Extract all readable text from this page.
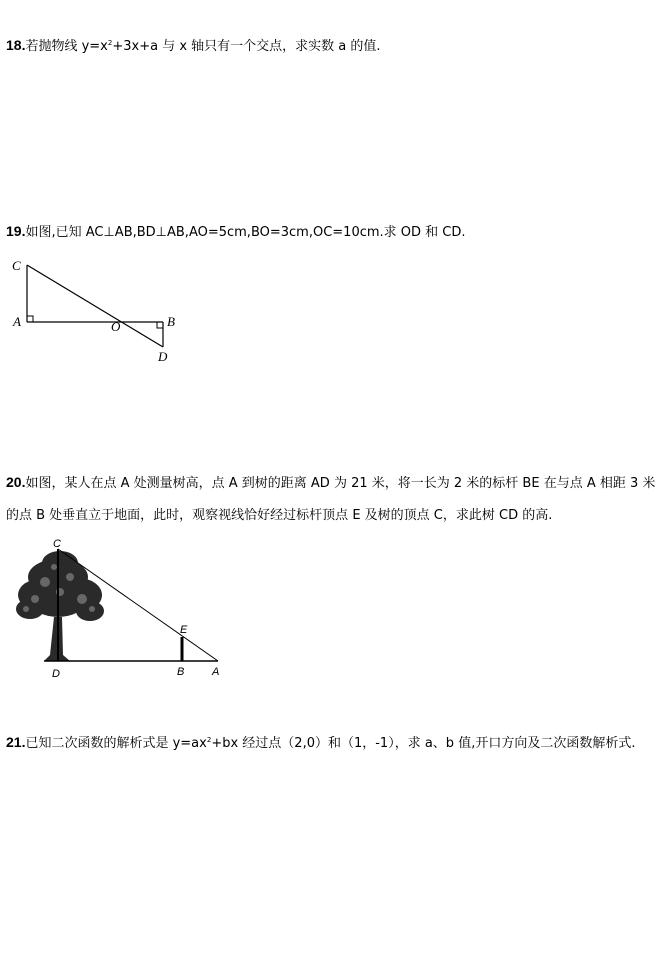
18.若抛物线 $y=x^2+3x+a$ 与 x 轴只有一个交点，求实数 a 的值.
19.如图,已知 AC⊥AB,BD⊥AB,AO=5cm,BO=3cm,OC=10cm.求 OD 和 CD.
C
A	O	B
D
20.如图，某人在点 A 处测量树高，点 A 到树的距离 AD 为 21 米，将一长为 2 米的标杆 BE 在与点 A 相距 3 米的点 B 处垂直立于地面，此时，观察视线恰好经过标杆顶点 E 及树的顶点 C，求此树 CD 的高.
C
E
D	B	A
21.已知二次函数的解析式是 $y=ax^2+bx$ 经过点（2,0）和（1，-1），求 a、b 值,开口方向及二次函数解析式.
